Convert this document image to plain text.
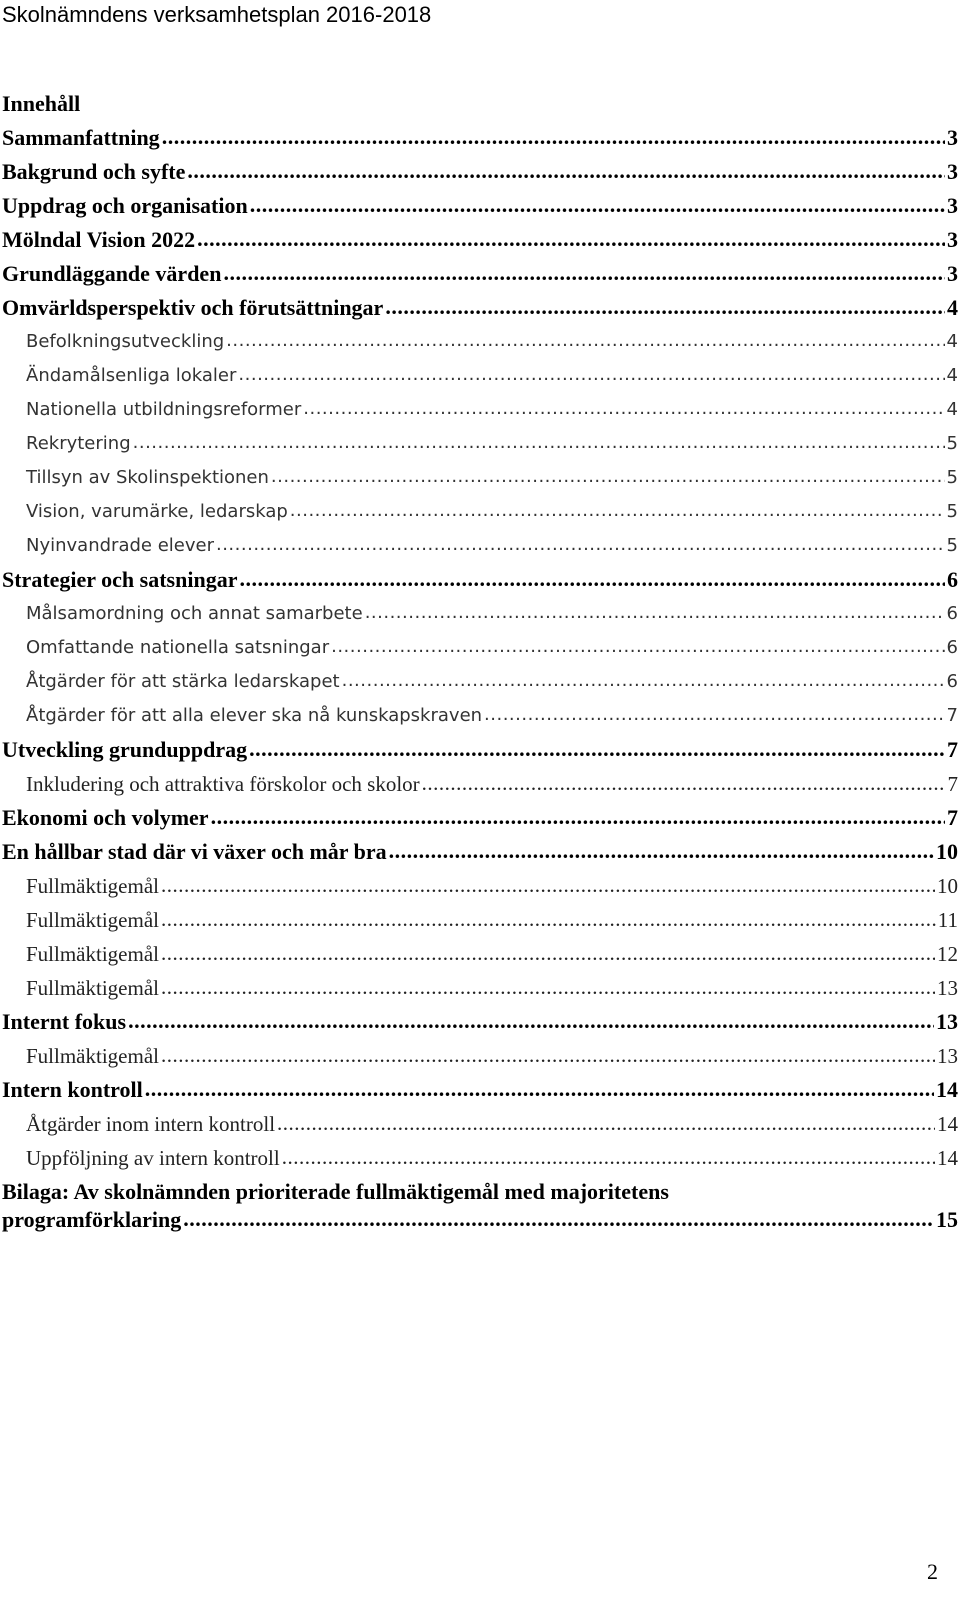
Skolnämndens verksamhetsplan 2016-2018
Innehåll
Sammanfattning .....	3
Bakgrund och syfte .....	3
Uppdrag och organisation .....	3
Mölndal Vision 2022 .....	3
Grundläggande värden .....	3
Omvärldsperspektiv och förutsättningar .....	4
Befolkningsutveckling .....	4
Ändamålsenliga lokaler .....	4
Nationella utbildningsreformer .....	4
Rekrytering .....	5
Tillsyn av Skolinspektionen .....	5
Vision, varumärke, ledarskap .....	5
Nyinvandrade elever .....	5
Strategier och satsningar .....	6
Målsamordning och annat samarbete .....	6
Omfattande nationella satsningar .....	6
Åtgärder för att stärka ledarskapet .....	6
Åtgärder för att alla elever ska nå kunskapskraven .....	7
Utveckling grunduppdrag .....	7
Inkludering och attraktiva förskolor och skolor .....	7
Ekonomi och volymer .....	7
En hållbar stad där vi växer och mår bra .....	10
Fullmäktigemål .....	10
Fullmäktigemål .....	11
Fullmäktigemål .....	12
Fullmäktigemål .....	13
Internt fokus .....	13
Fullmäktigemål .....	13
Intern kontroll .....	14
Åtgärder inom intern kontroll .....	14
Uppföljning av intern kontroll .....	14
Bilaga: Av skolnämnden prioriterade fullmäktigemål med majoritetens
programförklaring .....	15
2
